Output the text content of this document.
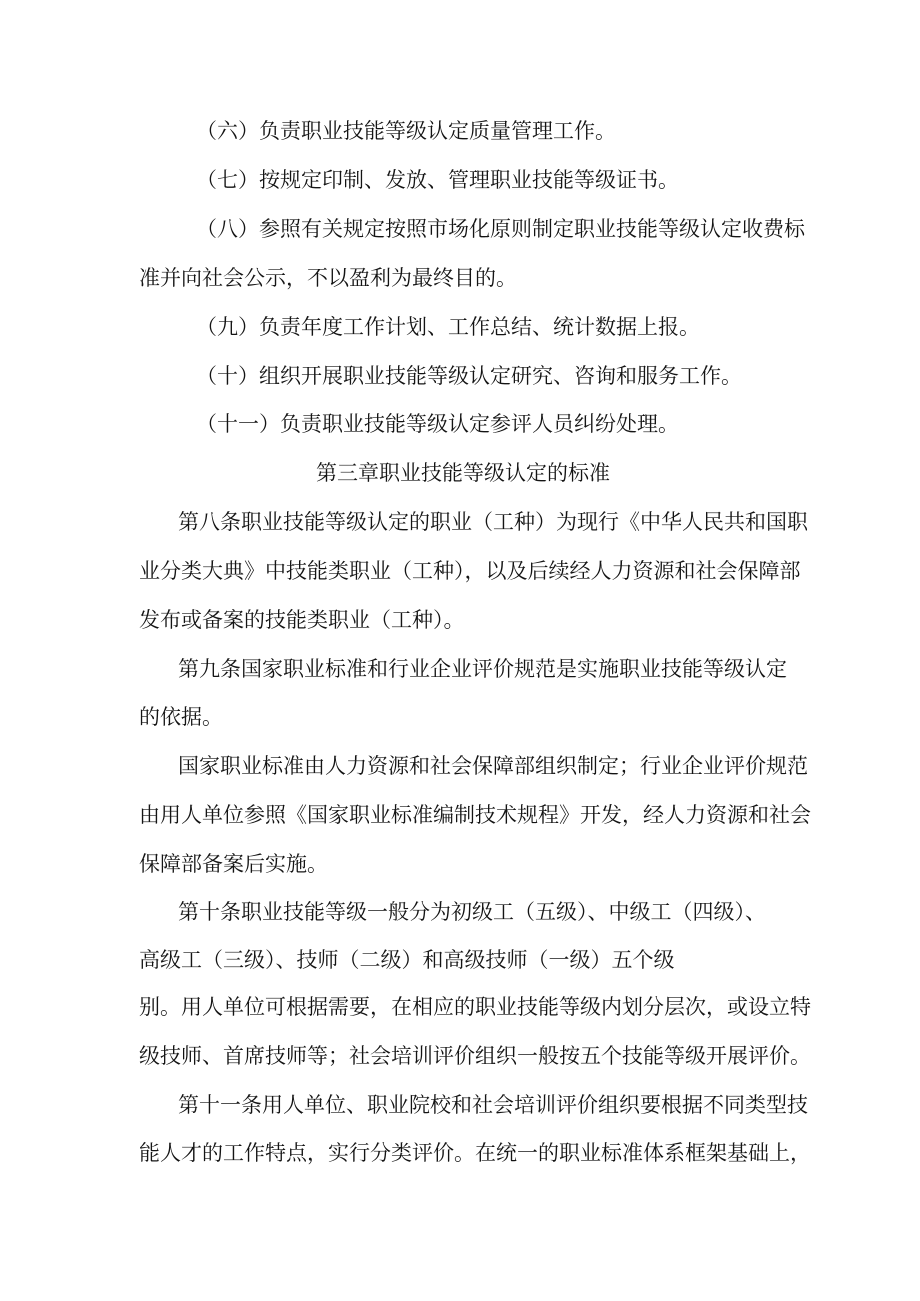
（六）负责职业技能等级认定质量管理工作。
（七）按规定印制、发放、管理职业技能等级证书。
（八）参照有关规定按照市场化原则制定职业技能等级认定收费标
准并向社会公示，不以盈利为最终目的。
（九）负责年度工作计划、工作总结、统计数据上报。
（十）组织开展职业技能等级认定研究、咨询和服务工作。
（十一）负责职业技能等级认定参评人员纠纷处理。
第三章职业技能等级认定的标准
第八条职业技能等级认定的职业（工种）为现行《中华人民共和国职
业分类大典》中技能类职业（工种），以及后续经人力资源和社会保障部
发布或备案的技能类职业（工种）。
第九条国家职业标准和行业企业评价规范是实施职业技能等级认定
的依据。
国家职业标准由人力资源和社会保障部组织制定；行业企业评价规范
由用人单位参照《国家职业标准编制技术规程》开发，经人力资源和社会
保障部备案后实施。
第十条职业技能等级一般分为初级工（五级）、中级工（四级）、
高级工（三级）、技师（二级）和高级技师（一级）五个级
别。用人单位可根据需要，在相应的职业技能等级内划分层次，或设立特
级技师、首席技师等；社会培训评价组织一般按五个技能等级开展评价。
第十一条用人单位、职业院校和社会培训评价组织要根据不同类型技
能人才的工作特点，实行分类评价。在统一的职业标准体系框架基础上，
